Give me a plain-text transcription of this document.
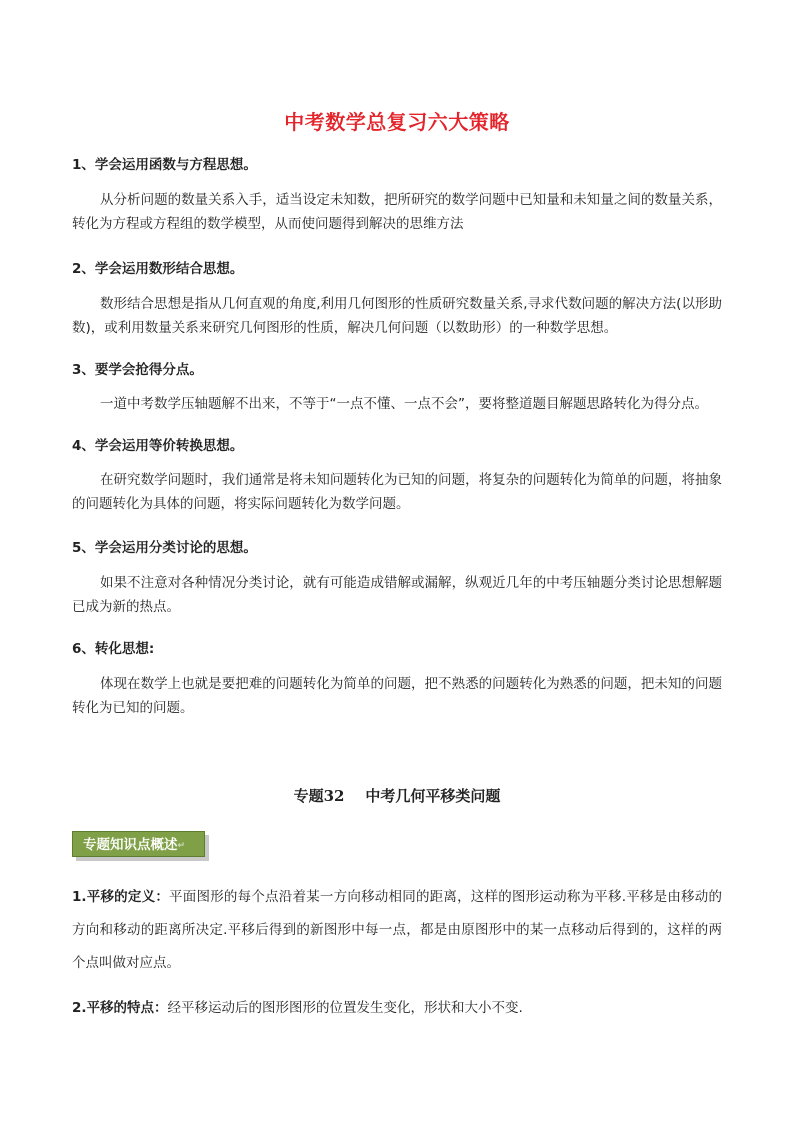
中考数学总复习六大策略
1、学会运用函数与方程思想。
从分析问题的数量关系入手，适当设定未知数，把所研究的数学问题中已知量和未知量之间的数量关系，转化为方程或方程组的数学模型，从而使问题得到解决的思维方法
2、学会运用数形结合思想。
数形结合思想是指从几何直观的角度,利用几何图形的性质研究数量关系,寻求代数问题的解决方法(以形助数)，或利用数量关系来研究几何图形的性质，解决几何问题（以数助形）的一种数学思想。
3、要学会抢得分点。
一道中考数学压轴题解不出来，不等于“一点不懂、一点不会”，要将整道题目解题思路转化为得分点。
4、学会运用等价转换思想。
在研究数学问题时，我们通常是将未知问题转化为已知的问题，将复杂的问题转化为简单的问题，将抽象的问题转化为具体的问题，将实际问题转化为数学问题。
5、学会运用分类讨论的思想。
如果不注意对各种情况分类讨论，就有可能造成错解或漏解，纵观近几年的中考压轴题分类讨论思想解题已成为新的热点。
6、转化思想:
体现在数学上也就是要把难的问题转化为简单的问题，把不熟悉的问题转化为熟悉的问题，把未知的问题转化为已知的问题。
专题32    中考几何平移类问题
专题知识点概述↵
1.平移的定义：平面图形的每个点沿着某一方向移动相同的距离，这样的图形运动称为平移.平移是由移动的方向和移动的距离所决定.平移后得到的新图形中每一点，都是由原图形中的某一点移动后得到的，这样的两个点叫做对应点。
2.平移的特点：经平移运动后的图形图形的位置发生变化，形状和大小不变.
